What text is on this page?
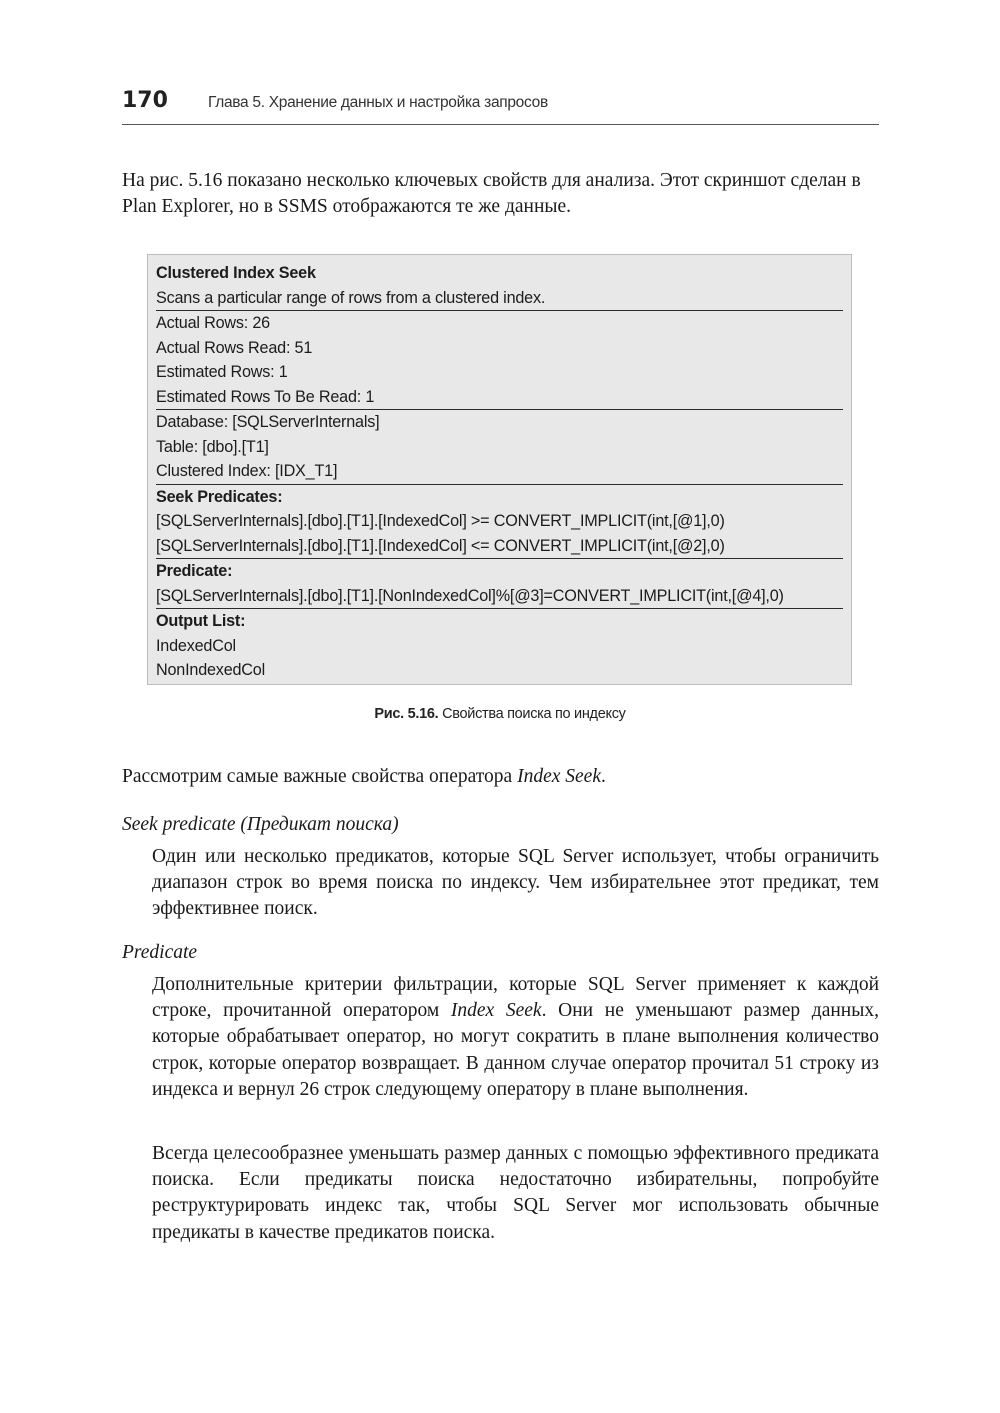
170	Глава 5. Хранение данных и настройка запросов

На рис. 5.16 показано несколько ключевых свойств для анализа. Этот скриншот сделан в Plan Explorer, но в SSMS отображаются те же данные.

Clustered Index Seek
Scans a particular range of rows from a clustered index.
Actual Rows: 26
Actual Rows Read: 51
Estimated Rows: 1
Estimated Rows To Be Read: 1
Database: [SQLServerInternals]
Table: [dbo].[T1]
Clustered Index: [IDX_T1]
Seek Predicates:
[SQLServerInternals].[dbo].[T1].[IndexedCol] >= CONVERT_IMPLICIT(int,[@1],0)
[SQLServerInternals].[dbo].[T1].[IndexedCol] <= CONVERT_IMPLICIT(int,[@2],0)
Predicate:
[SQLServerInternals].[dbo].[T1].[NonIndexedCol]%[@3]=CONVERT_IMPLICIT(int,[@4],0)
Output List:
IndexedCol
NonIndexedCol
Рис. 5.16. Свойства поиска по индексу

Рассмотрим самые важные свойства оператора Index Seek.

Seek predicate (Предикат поиска)

Один или несколько предикатов, которые SQL Server использует, чтобы ограничить диапазон строк во время поиска по индексу. Чем избирательнее этот предикат, тем эффективнее поиск.

Predicate

Дополнительные критерии фильтрации, которые SQL Server применяет к каждой строке, прочитанной оператором Index Seek. Они не уменьшают размер данных, которые обрабатывает оператор, но могут сократить в плане выполнения количество строк, которые оператор возвращает. В данном случае оператор прочитал 51 строку из индекса и вернул 26 строк следующему оператору в плане выполнения.

Всегда целесообразнее уменьшать размер данных с помощью эффективного предиката поиска. Если предикаты поиска недостаточно избирательны, попробуйте реструктурировать индекс так, чтобы SQL Server мог использовать обычные предикаты в качестве предикатов поиска.
